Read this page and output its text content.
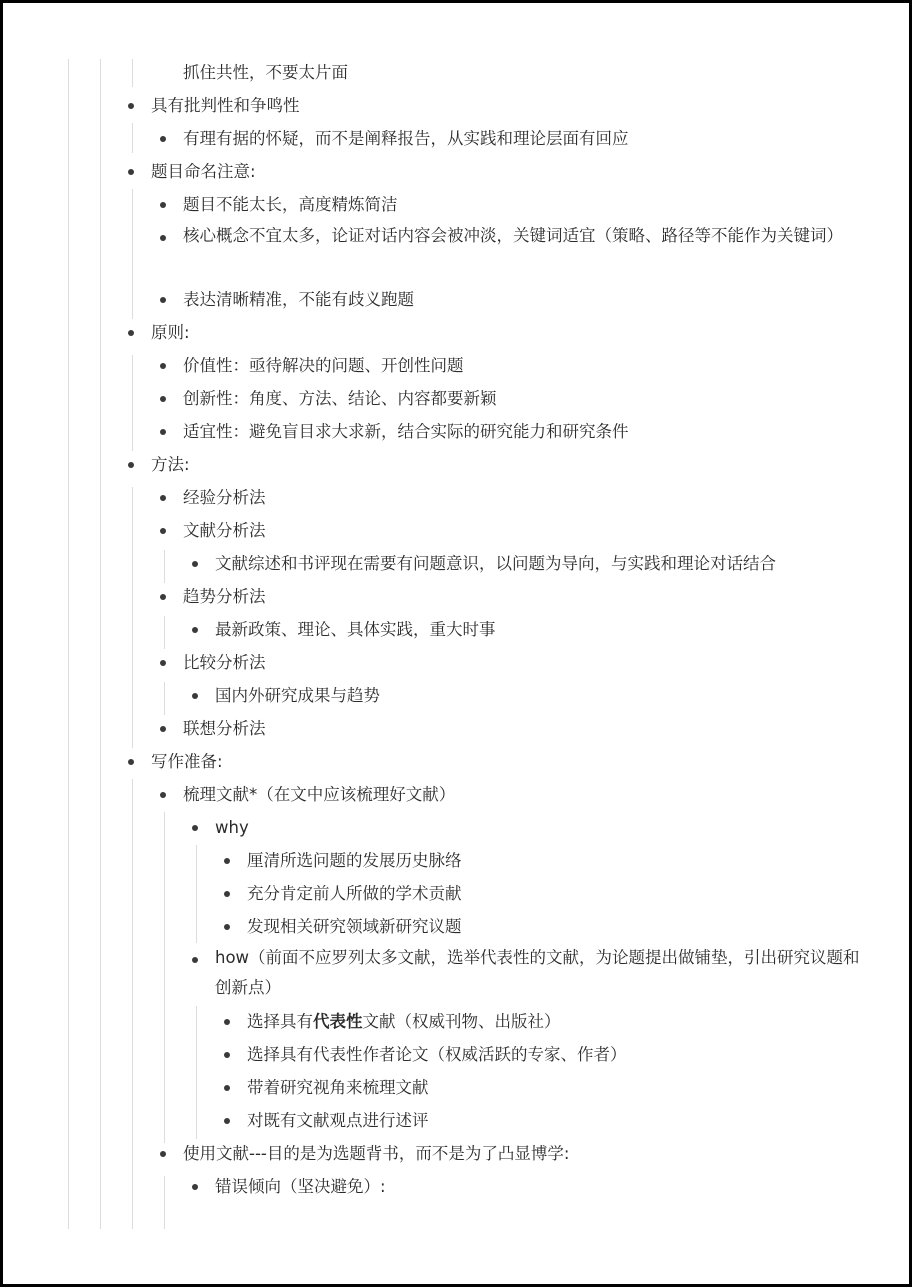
抓住共性，不要太片面
具有批判性和争鸣性
有理有据的怀疑，而不是阐释报告，从实践和理论层面有回应
题目命名注意:
题目不能太长，高度精炼简洁
核心概念不宜太多，论证对话内容会被冲淡，关键词适宜（策略、路径等不能作为关键词）
表达清晰精准，不能有歧义跑题
原则:
价值性：亟待解决的问题、开创性问题
创新性：角度、方法、结论、内容都要新颖
适宜性：避免盲目求大求新，结合实际的研究能力和研究条件
方法:
经验分析法
文献分析法
文献综述和书评现在需要有问题意识，以问题为导向，与实践和理论对话结合
趋势分析法
最新政策、理论、具体实践，重大时事
比较分析法
国内外研究成果与趋势
联想分析法
写作准备:
梳理文献*（在文中应该梳理好文献）
why
厘清所选问题的发展历史脉络
充分肯定前人所做的学术贡献
发现相关研究领域新研究议题
how（前面不应罗列太多文献，选举代表性的文献，为论题提出做铺垫，引出研究议题和创新点）
选择具有代表性文献（权威刊物、出版社）
选择具有代表性作者论文（权威活跃的专家、作者）
带着研究视角来梳理文献
对既有文献观点进行述评
使用文献---目的是为选题背书，而不是为了凸显博学:
错误倾向（坚决避免）:
